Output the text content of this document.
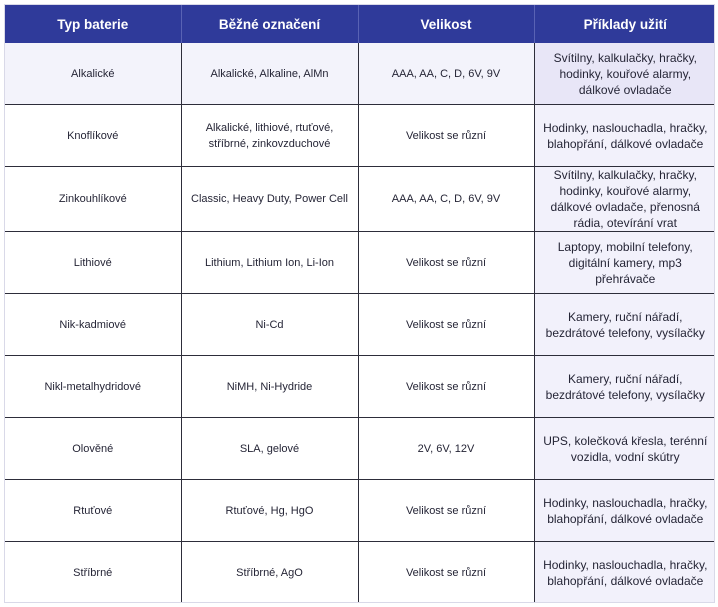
Typ baterie	Běžné označení	Velikost	Příklady užití
Alkalické	Alkalické, Alkaline, AlMn	AAA, AA, C, D, 6V, 9V	Svítilny, kalkulačky, hračky, hodinky, kouřové alarmy, dálkové ovladače
Knoflíkové	Alkalické, lithiové, rtuťové, stříbrné, zinkovzduchové	Velikost se různí	Hodinky, naslouchadla, hračky, blahopřání, dálkové ovladače
Zinkouhlíkové	Classic, Heavy Duty, Power Cell	AAA, AA, C, D, 6V, 9V	Svítilny, kalkulačky, hračky, hodinky, kouřové alarmy, dálkové ovladače, přenosná rádia, otevírání vrat
Lithiové	Lithium, Lithium Ion, Li-Ion	Velikost se různí	Laptopy, mobilní telefony, digitální kamery, mp3 přehrávače
Nik-kadmiové	Ni-Cd	Velikost se různí	Kamery, ruční nářadí, bezdrátové telefony, vysílačky
Nikl-metalhydridové	NiMH, Ni-Hydride	Velikost se různí	Kamery, ruční nářadí, bezdrátové telefony, vysílačky
Olověné	SLA, gelové	2V, 6V, 12V	UPS, kolečková křesla, terénní vozidla, vodní skútry
Rtuťové	Rtuťové, Hg, HgO	Velikost se různí	Hodinky, naslouchadla, hračky, blahopřání, dálkové ovladače
Stříbrné	Stříbrné, AgO	Velikost se různí	Hodinky, naslouchadla, hračky, blahopřání, dálkové ovladače
